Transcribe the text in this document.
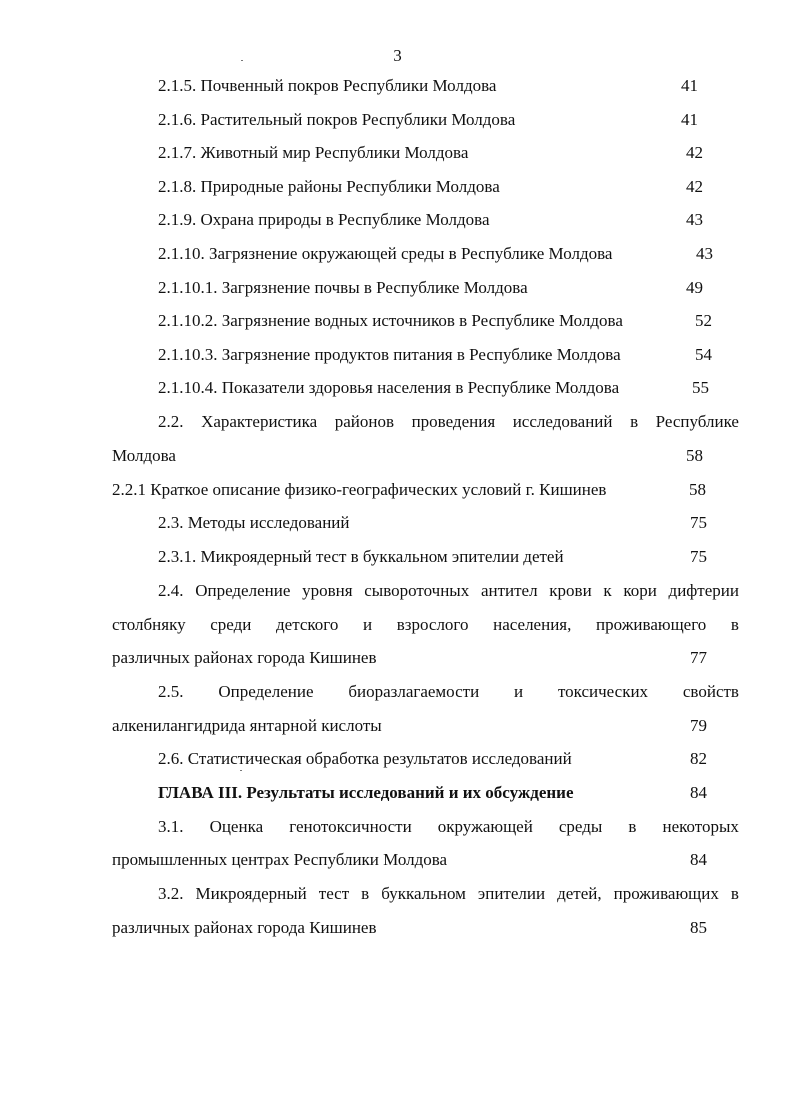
3
2.1.5. Почвенный покров Республики Молдова	41
2.1.6. Растительный покров Республики Молдова	41
2.1.7. Животный мир Республики Молдова	42
2.1.8. Природные районы Республики Молдова	42
2.1.9. Охрана природы в Республике Молдова	43
2.1.10. Загрязнение окружающей среды в Республике Молдова	43
2.1.10.1. Загрязнение почвы в Республике Молдова	49
2.1.10.2. Загрязнение водных источников в Республике Молдова	52
2.1.10.3. Загрязнение продуктов питания в Республике Молдова	54
2.1.10.4. Показатели здоровья населения в Республике Молдова	55
2.2. Характеристика районов проведения исследований в Республике
Молдова	58
2.2.1 Краткое описание физико-географических условий г. Кишинев	58
2.3. Методы исследований	75
2.3.1. Микроядерный тест в буккальном эпителии детей	75
2.4. Определение уровня сывороточных антител крови к кори дифтерии
столбняку среди детского и взрослого населения, проживающего в
различных районах города Кишинев	77
2.5. Определение биоразлагаемости и токсических свойств
алкенилангидрида янтарной кислоты	79
2.6. Статистическая обработка результатов исследований	82
ГЛАВА III. Результаты исследований и их обсуждение	84
3.1. Оценка генотоксичности окружающей среды в некоторых
промышленных центрах Республики Молдова	84
3.2. Микроядерный тест в буккальном эпителии детей, проживающих в
различных районах города Кишинев	85
